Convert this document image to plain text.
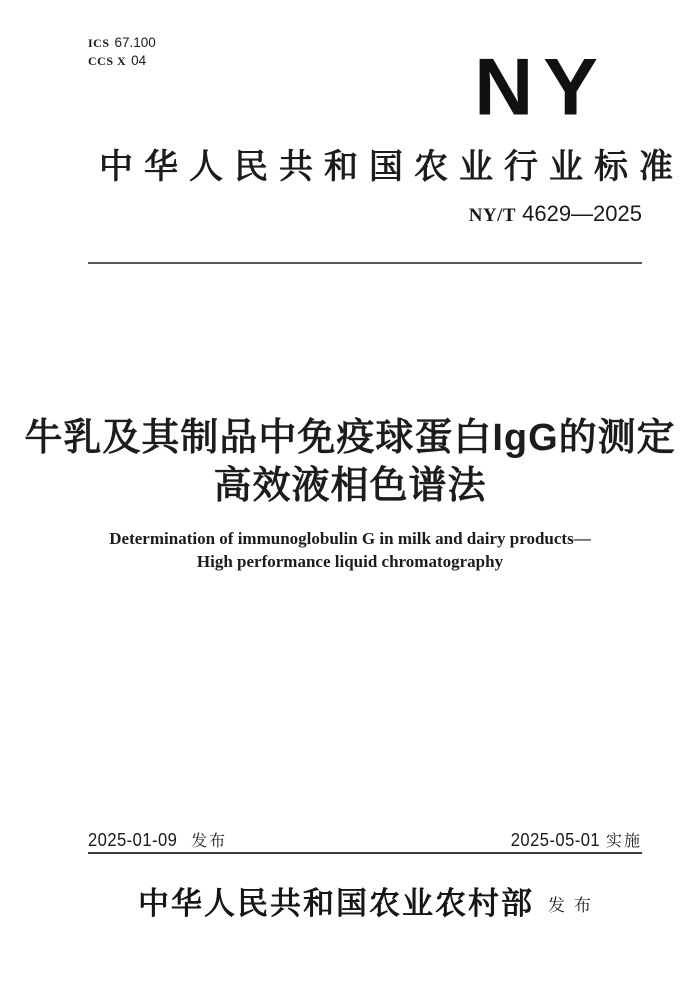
ICS 67.100
CCS X 04	NY
中华人民共和国农业行业标准
NY/T 4629—2025
牛乳及其制品中免疫球蛋白IgG的测定
高效液相色谱法
Determination of immunoglobulin G in milk and dairy products—
High performance liquid chromatography
2025-01-09 发布	2025-05-01 实施
中华人民共和国农业农村部 发布
